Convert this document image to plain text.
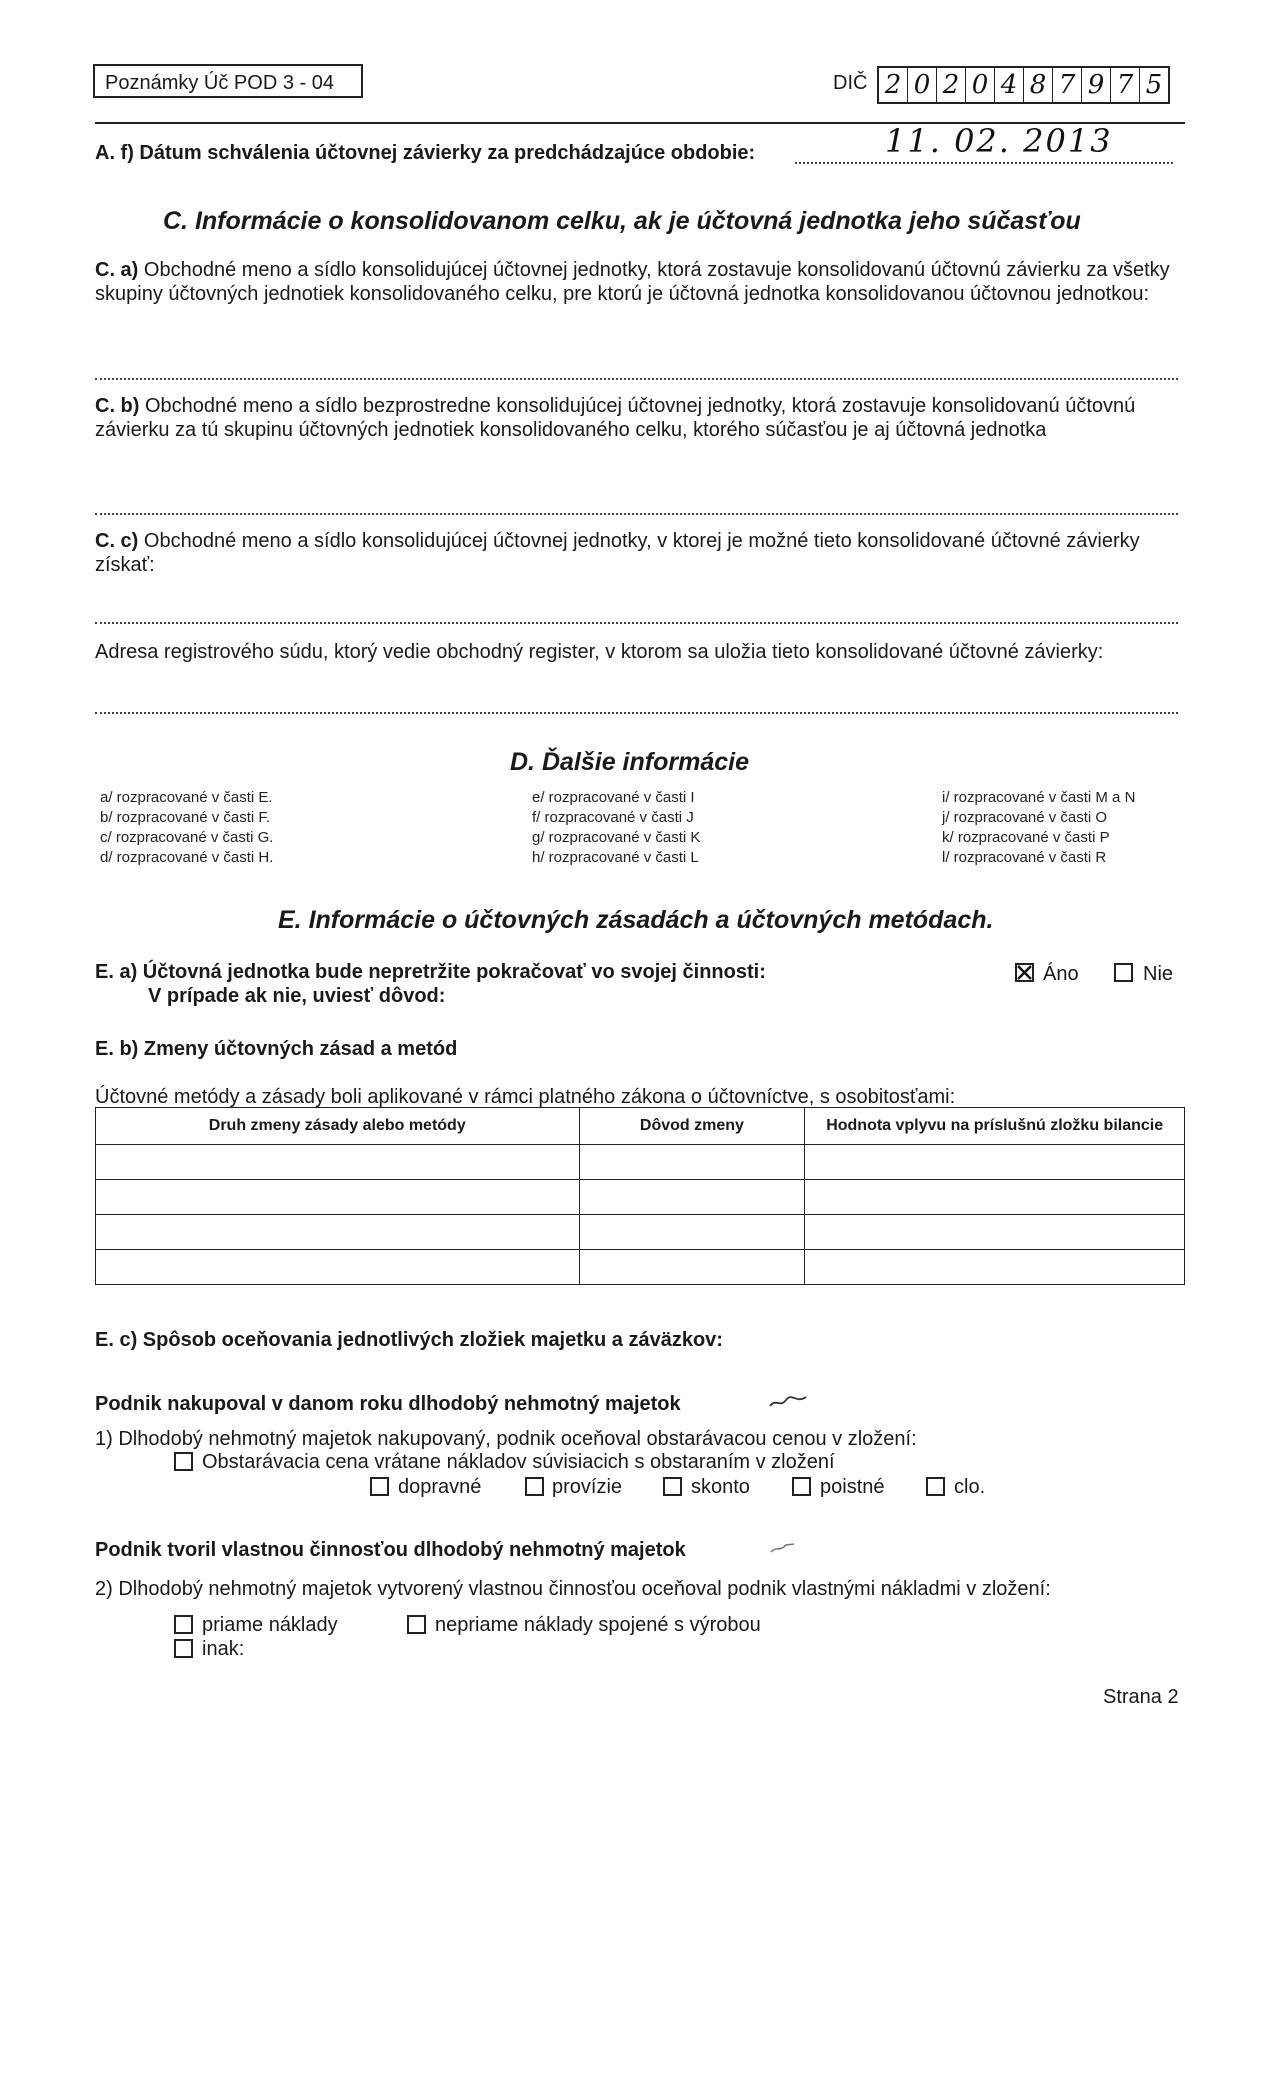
Poznámky Úč POD 3 - 04	DIČ 2 0 2 0 4 8 7 9 7 5
A. f) Dátum schválenia účtovnej závierky za predchádzajúce obdobie:	11. 02. 2013
C. Informácie o konsolidovanom celku, ak je účtovná jednotka jeho súčasťou
C. a) Obchodné meno a sídlo konsolidujúcej účtovnej jednotky, ktorá zostavuje konsolidovanú účtovnú závierku za všetky skupiny účtovných jednotiek konsolidovaného celku, pre ktorú je účtovná jednotka konsolidovanou účtovnou jednotkou:
C. b) Obchodné meno a sídlo bezprostredne konsolidujúcej účtovnej jednotky, ktorá zostavuje konsolidovanú účtovnú závierku za tú skupinu účtovných jednotiek konsolidovaného celku, ktorého súčasťou je aj účtovná jednotka
C. c) Obchodné meno a sídlo konsolidujúcej účtovnej jednotky, v ktorej je možné tieto konsolidované účtovné závierky získať:
Adresa registrového súdu, ktorý vedie obchodný register, v ktorom sa uložia tieto konsolidované účtovné závierky:
D. Ďalšie informácie
a/ rozpracované v časti E.
b/ rozpracované v časti F.
c/ rozpracované v časti G.
d/ rozpracované v časti H.
e/ rozpracované v časti I
f/ rozpracované v časti J
g/ rozpracované v časti K
h/ rozpracované v časti L
i/ rozpracované v časti M a N
j/ rozpracované v časti O
k/ rozpracované v časti P
l/ rozpracované v časti R
E. Informácie o účtovných zásadách a účtovných metódach.
E. a) Účtovná jednotka bude nepretržite pokračovať vo svojej činnosti:
V prípade ak nie, uviesť dôvod:
Áno	Nie
E. b) Zmeny účtovných zásad a metód
Účtovné metódy a zásady boli aplikované v rámci platného zákona o účtovníctve, s osobitosťami:
Druh zmeny zásady alebo metódy	Dôvod zmeny	Hodnota vplyvu na príslušnú zložku bilancie

E. c) Spôsob oceňovania jednotlivých zložiek majetku a záväzkov:
Podnik nakupoval v danom roku dlhodobý nehmotný majetok
1) Dlhodobý nehmotný majetok nakupovaný, podnik oceňoval obstarávacou cenou v zložení:
Obstarávacia cena vrátane nákladov súvisiacich s obstaraním v zložení
dopravné	provízie	skonto	poistné	clo.
Podnik tvoril vlastnou činnosťou dlhodobý nehmotný majetok
2) Dlhodobý nehmotný majetok vytvorený vlastnou činnosťou oceňoval podnik vlastnými nákladmi v zložení:
priame náklady	nepriame náklady spojené s výrobou
inak:
Strana 2
